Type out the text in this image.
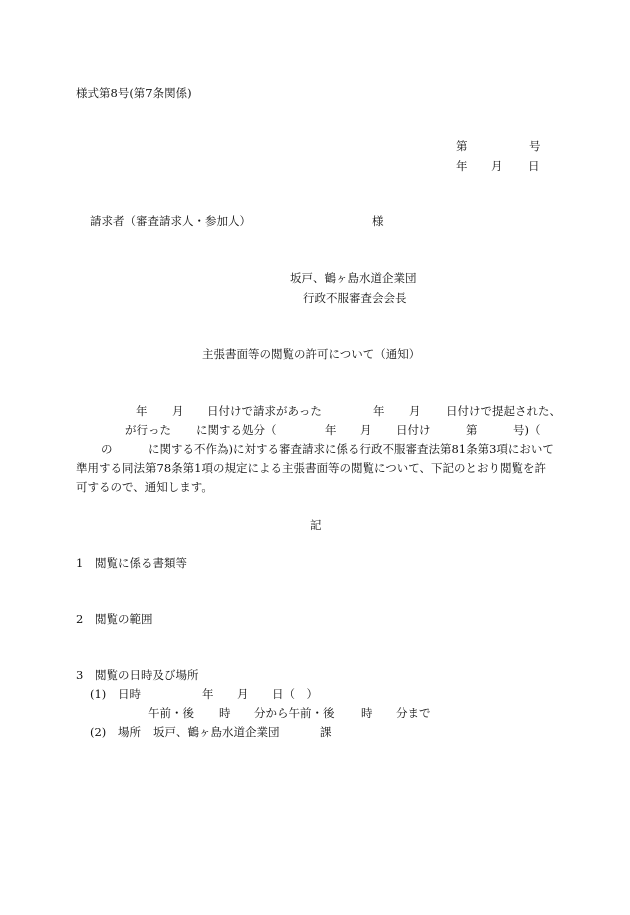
様式第8号(第7条関係)
第	号
年 月 日
請求者（審査請求人・参加人）	様
坂戸、鶴ヶ島水道企業団
行政不服審査会会長
主張書面等の閲覧の許可について（通知）
年 月 日付けで請求があった	年 月 日付けで提起された、
が行った に関する処分（	年 月 日付け	第	号)（
の	に関する不作為)に対する審査請求に係る行政不服審査法第81条第3項において
準用する同法第78条第1項の規定による主張書面等の閲覧について、下記のとおり閲覧を許
可するので、通知します。
記
1 閲覧に係る書類等
2 閲覧の範囲
3 閲覧の日時及び場所
(1) 日時	年 月 日（　）
午前・後 時 分から午前・後 時 分まで
(2) 場所 坂戸、鶴ヶ島水道企業団	課
